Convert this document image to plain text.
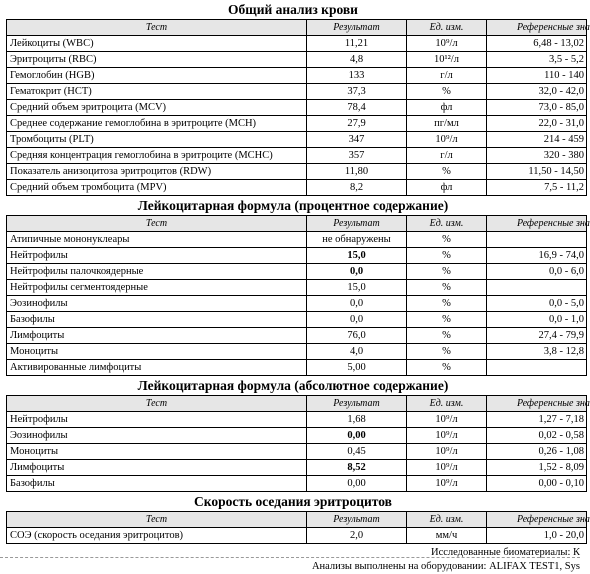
Общий анализ крови
Тест	Результат	Ед. изм.	Референсные зна
Лейкоциты (WBC)	11,21	10⁹/л	6,48 - 13,02
Эритроциты (RBC)	4,8	10¹²/л	3,5 - 5,2
Гемоглобин (HGB)	133	г/л	110 - 140
Гематокрит (HCT)	37,3	%	32,0 - 42,0
Средний объем эритроцита (MCV)	78,4	фл	73,0 - 85,0
Среднее содержание гемоглобина в эритроците (MCH)	27,9	пг/мл	22,0 - 31,0
Тромбоциты (PLT)	347	10⁹/л	214 - 459
Средняя концентрация гемоглобина в эритроците (MCHC)	357	г/л	320 - 380
Показатель анизоцитоза эритроцитов (RDW)	11,80	%	11,50 - 14,50
Средний объем тромбоцита (MPV)	8,2	фл	7,5 - 11,2
Лейкоцитарная формула (процентное содержание)
Тест	Результат	Ед. изм.	Референсные зна
Атипичные мононуклеары	не обнаружены	%	
Нейтрофилы	15,0	%	16,9 - 74,0
Нейтрофилы палочкоядерные	0,0	%	0,0 - 6,0
Нейтрофилы сегментоядерные	15,0	%	
Эозинофилы	0,0	%	0,0 - 5,0
Базофилы	0,0	%	0,0 - 1,0
Лимфоциты	76,0	%	27,4 - 79,9
Моноциты	4,0	%	3,8 - 12,8
Активированные лимфоциты	5,00	%	
Лейкоцитарная формула (абсолютное содержание)
Тест	Результат	Ед. изм.	Референсные зна
Нейтрофилы	1,68	10⁹/л	1,27 - 7,18
Эозинофилы	0,00	10⁹/л	0,02 - 0,58
Моноциты	0,45	10⁹/л	0,26 - 1,08
Лимфоциты	8,52	10⁹/л	1,52 - 8,09
Базофилы	0,00	10⁹/л	0,00 - 0,10
Скорость оседания эритроцитов
Тест	Результат	Ед. изм.	Референсные зна
СОЭ (скорость оседания эритроцитов)	2,0	мм/ч	1,0 - 20,0
Исследованные биоматериалы: К
Анализы выполнены на оборудовании: ALIFAX TEST1, Sys
